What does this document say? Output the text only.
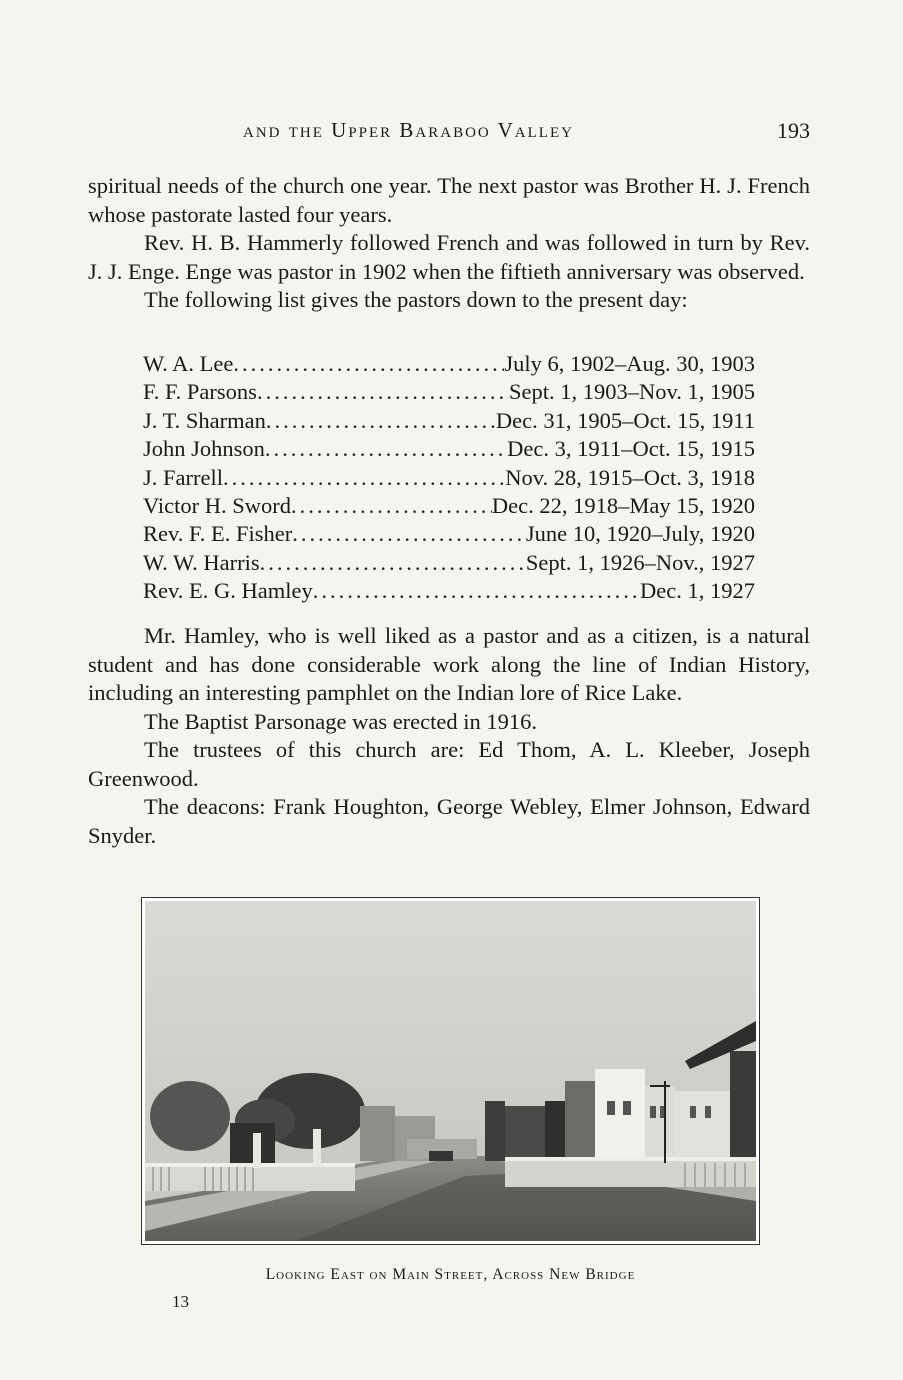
and the Upper Baraboo Valley	193

spiritual needs of the church one year. The next pastor was Brother H. J. French whose pastorate lasted four years.

Rev. H. B. Hammerly followed French and was followed in turn by Rev. J. J. Enge. Enge was pastor in 1902 when the fiftieth anniversary was observed.

The following list gives the pastors down to the present day:

W. A. Lee .....	July 6, 1902–Aug. 30, 1903
F. F. Parsons .....	Sept. 1, 1903–Nov. 1, 1905
J. T. Sharman .....	Dec. 31, 1905–Oct. 15, 1911
John Johnson .....	Dec. 3, 1911–Oct. 15, 1915
J. Farrell .....	Nov. 28, 1915–Oct. 3, 1918
Victor H. Sword .....	Dec. 22, 1918–May 15, 1920
Rev. F. E. Fisher .....	June 10, 1920–July, 1920
W. W. Harris .....	Sept. 1, 1926–Nov., 1927
Rev. E. G. Hamley .....	Dec. 1, 1927

Mr. Hamley, who is well liked as a pastor and as a citizen, is a natural student and has done considerable work along the line of Indian History, including an interesting pamphlet on the Indian lore of Rice Lake.

The Baptist Parsonage was erected in 1916.

The trustees of this church are: Ed Thom, A. L. Kleeber, Joseph Greenwood.

The deacons: Frank Houghton, George Webley, Elmer Johnson, Edward Snyder.

Looking East on Main Street, Across New Bridge
13
